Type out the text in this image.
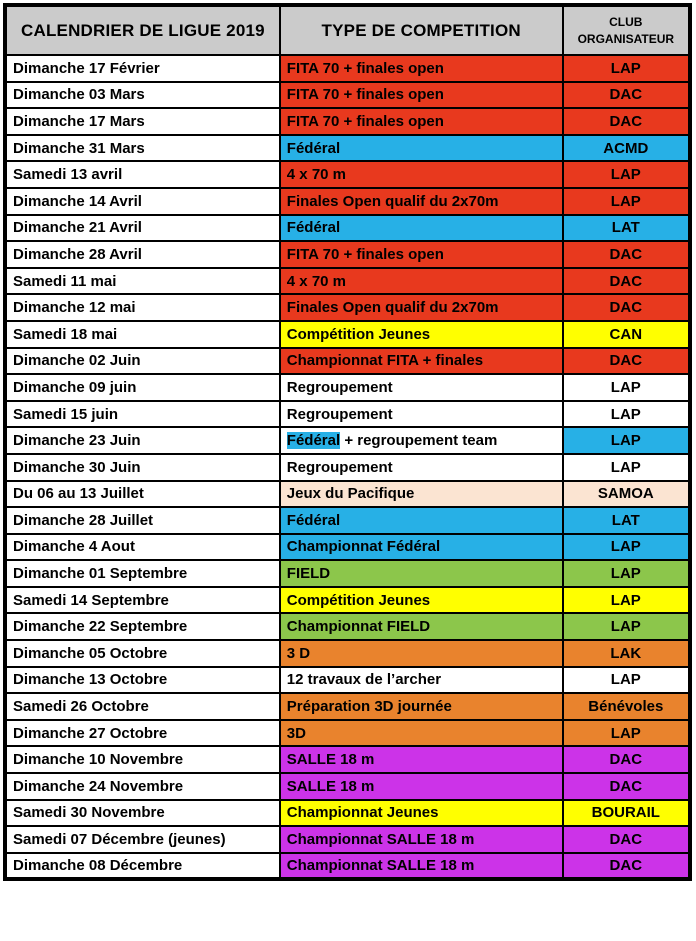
CALENDRIER DE LIGUE 2019	TYPE DE COMPETITION	CLUB
ORGANISATEUR

Dimanche 17 Février	FITA 70 + finales open	LAP
Dimanche 03 Mars	FITA 70 + finales open	DAC
Dimanche 17 Mars	FITA 70 + finales open	DAC
Dimanche 31 Mars	Fédéral	ACMD
Samedi 13 avril	4 x 70 m	LAP
Dimanche 14 Avril	Finales Open qualif du 2x70m	LAP
Dimanche 21 Avril	Fédéral	LAT
Dimanche 28 Avril	FITA 70 + finales open	DAC
Samedi 11 mai	4 x 70 m	DAC
Dimanche 12 mai	Finales Open qualif du 2x70m	DAC
Samedi 18 mai	Compétition Jeunes	CAN
Dimanche 02 Juin	Championnat FITA + finales	DAC
Dimanche 09 juin	Regroupement	LAP
Samedi 15 juin	Regroupement	LAP
Dimanche 23 Juin	Fédéral + regroupement team	LAP
Dimanche 30 Juin	Regroupement	LAP
Du 06 au 13 Juillet	Jeux du Pacifique	SAMOA
Dimanche 28 Juillet	Fédéral	LAT
Dimanche 4 Aout	Championnat Fédéral	LAP
Dimanche 01 Septembre	FIELD	LAP
Samedi 14 Septembre	Compétition Jeunes	LAP
Dimanche 22 Septembre	Championnat FIELD	LAP
Dimanche 05 Octobre	3 D	LAK
Dimanche 13 Octobre	12 travaux de l’archer	LAP
Samedi 26 Octobre	Préparation 3D journée	Bénévoles
Dimanche 27 Octobre	3D	LAP
Dimanche 10 Novembre	SALLE 18 m	DAC
Dimanche 24 Novembre	SALLE 18 m	DAC
Samedi 30 Novembre	Championnat Jeunes	BOURAIL
Samedi 07 Décembre (jeunes)	Championnat SALLE 18 m	DAC
Dimanche 08 Décembre	Championnat SALLE 18 m	DAC
